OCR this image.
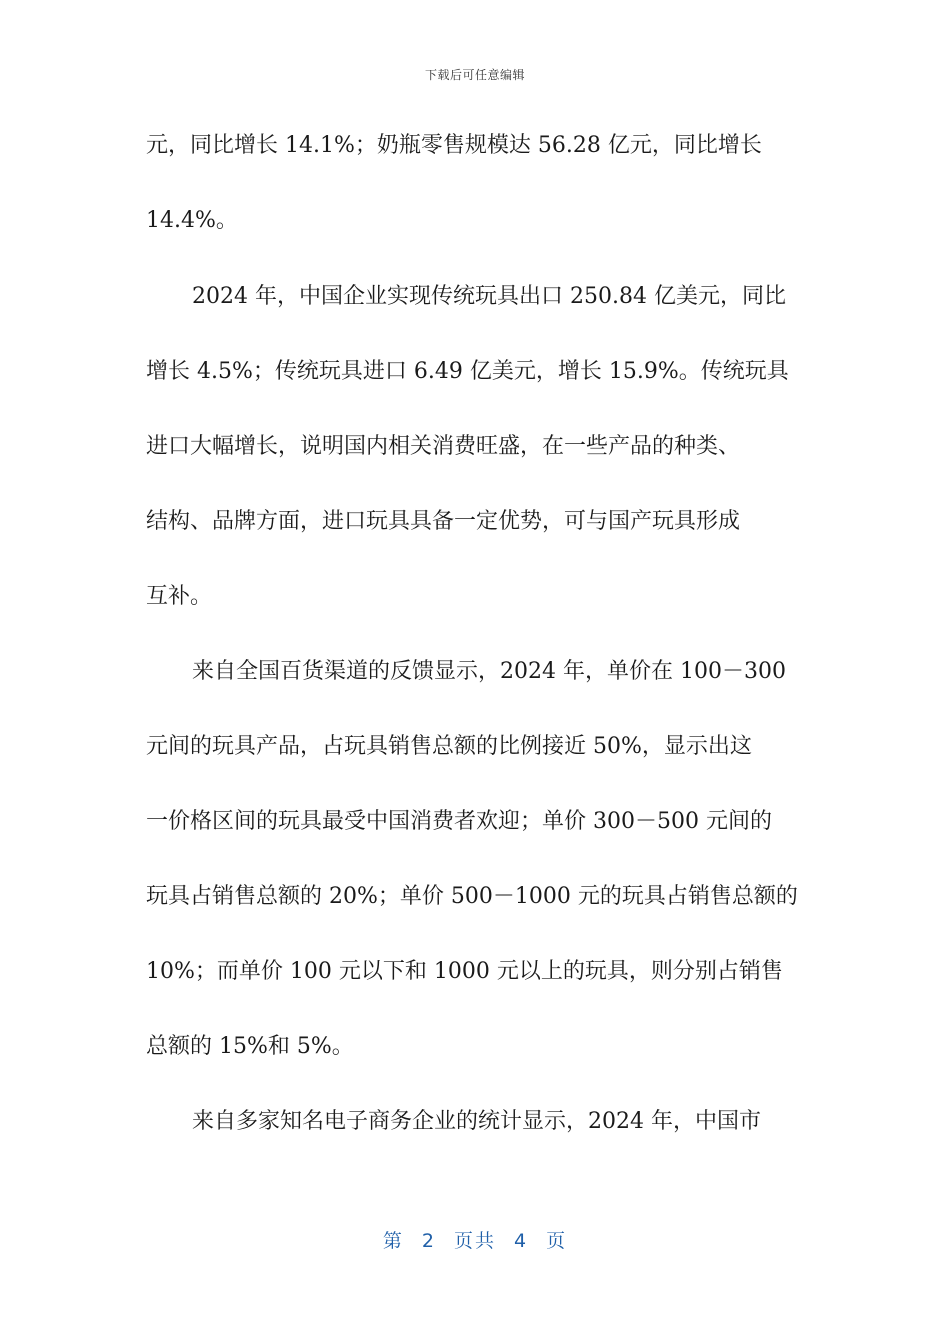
下载后可任意编辑
元，同比增长 14.1%；奶瓶零售规模达 56.28 亿元，同比增长
14.4%。
2024 年，中国企业实现传统玩具出口 250.84 亿美元，同比
增长 4.5%；传统玩具进口 6.49 亿美元，增长 15.9%。传统玩具
进口大幅增长，说明国内相关消费旺盛，在一些产品的种类、
结构、品牌方面，进口玩具具备一定优势，可与国产玩具形成
互补。
来自全国百货渠道的反馈显示，2024 年，单价在 100－300
元间的玩具产品，占玩具销售总额的比例接近 50%，显示出这
一价格区间的玩具最受中国消费者欢迎；单价 300－500 元间的
玩具占销售总额的 20%；单价 500－1000 元的玩具占销售总额的
10%；而单价 100 元以下和 1000 元以上的玩具，则分别占销售
总额的 15%和 5%。
来自多家知名电子商务企业的统计显示，2024 年，中国市
第 2 页共 4 页
